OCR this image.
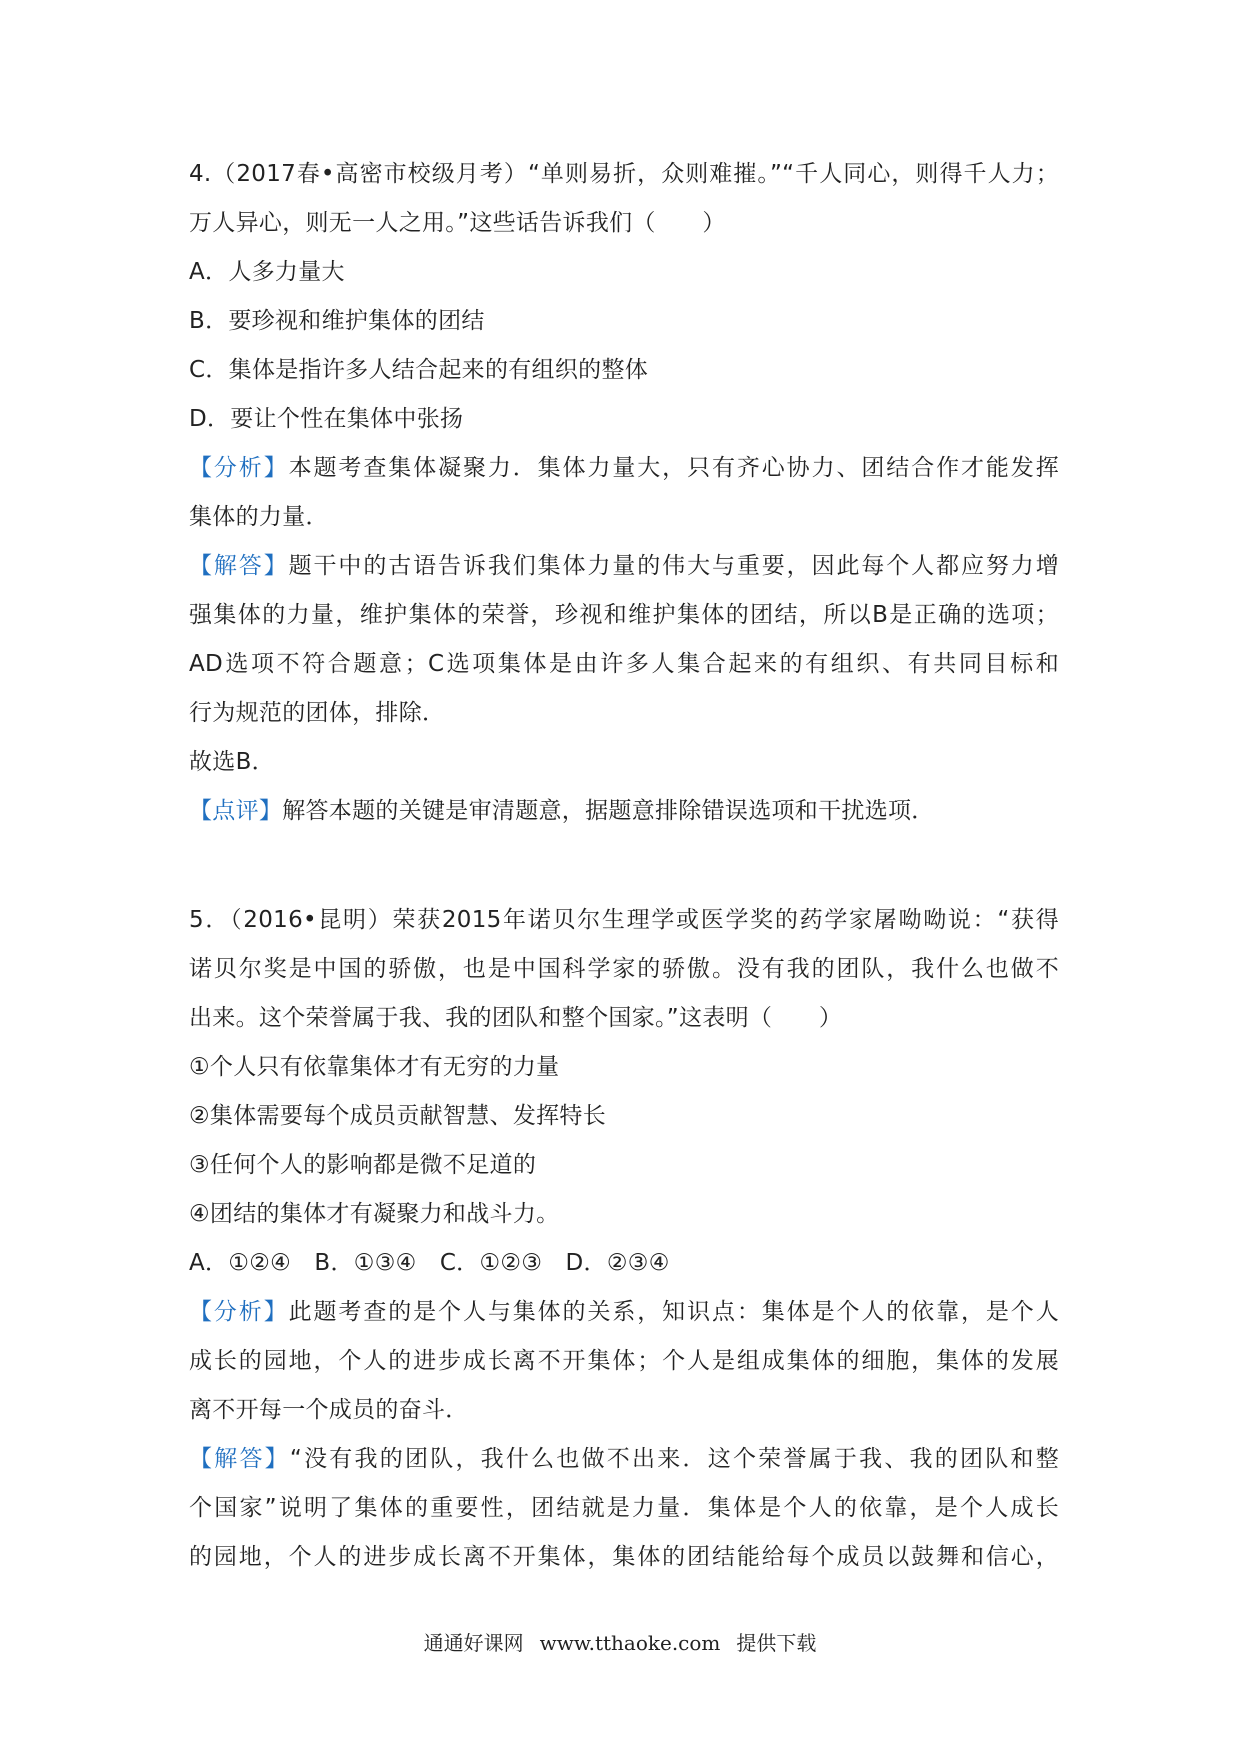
4.（2017春•高密市校级月考）“单则易折，众则难摧。”“千人同心，则得千人力；
万人异心，则无一人之用。”这些话告诉我们（　　）
A．人多力量大
B．要珍视和维护集体的团结
C．集体是指许多人结合起来的有组织的整体
D．要让个性在集体中张扬
【分析】本题考查集体凝聚力．集体力量大，只有齐心协力、团结合作才能发挥
集体的力量．
【解答】题干中的古语告诉我们集体力量的伟大与重要，因此每个人都应努力增
强集体的力量，维护集体的荣誉，珍视和维护集体的团结，所以B是正确的选项；
AD选项不符合题意；C选项集体是由许多人集合起来的有组织、有共同目标和
行为规范的团体，排除．
故选B．
【点评】解答本题的关键是审清题意，据题意排除错误选项和干扰选项．
5．（2016•昆明）荣获2015年诺贝尔生理学或医学奖的药学家屠呦呦说：“获得
诺贝尔奖是中国的骄傲，也是中国科学家的骄傲。没有我的团队，我什么也做不
出来。这个荣誉属于我、我的团队和整个国家。”这表明（　　）
①个人只有依靠集体才有无穷的力量
②集体需要每个成员贡献智慧、发挥特长
③任何个人的影响都是微不足道的
④团结的集体才有凝聚力和战斗力。
A．①②④　B．①③④　C．①②③　D．②③④
【分析】此题考查的是个人与集体的关系，知识点：集体是个人的依靠，是个人
成长的园地，个人的进步成长离不开集体；个人是组成集体的细胞，集体的发展
离不开每一个成员的奋斗．
【解答】“没有我的团队，我什么也做不出来．这个荣誉属于我、我的团队和整
个国家”说明了集体的重要性，团结就是力量．集体是个人的依靠，是个人成长
的园地，个人的进步成长离不开集体，集体的团结能给每个成员以鼓舞和信心，
通通好课网 www.tthaoke.com 提供下载
